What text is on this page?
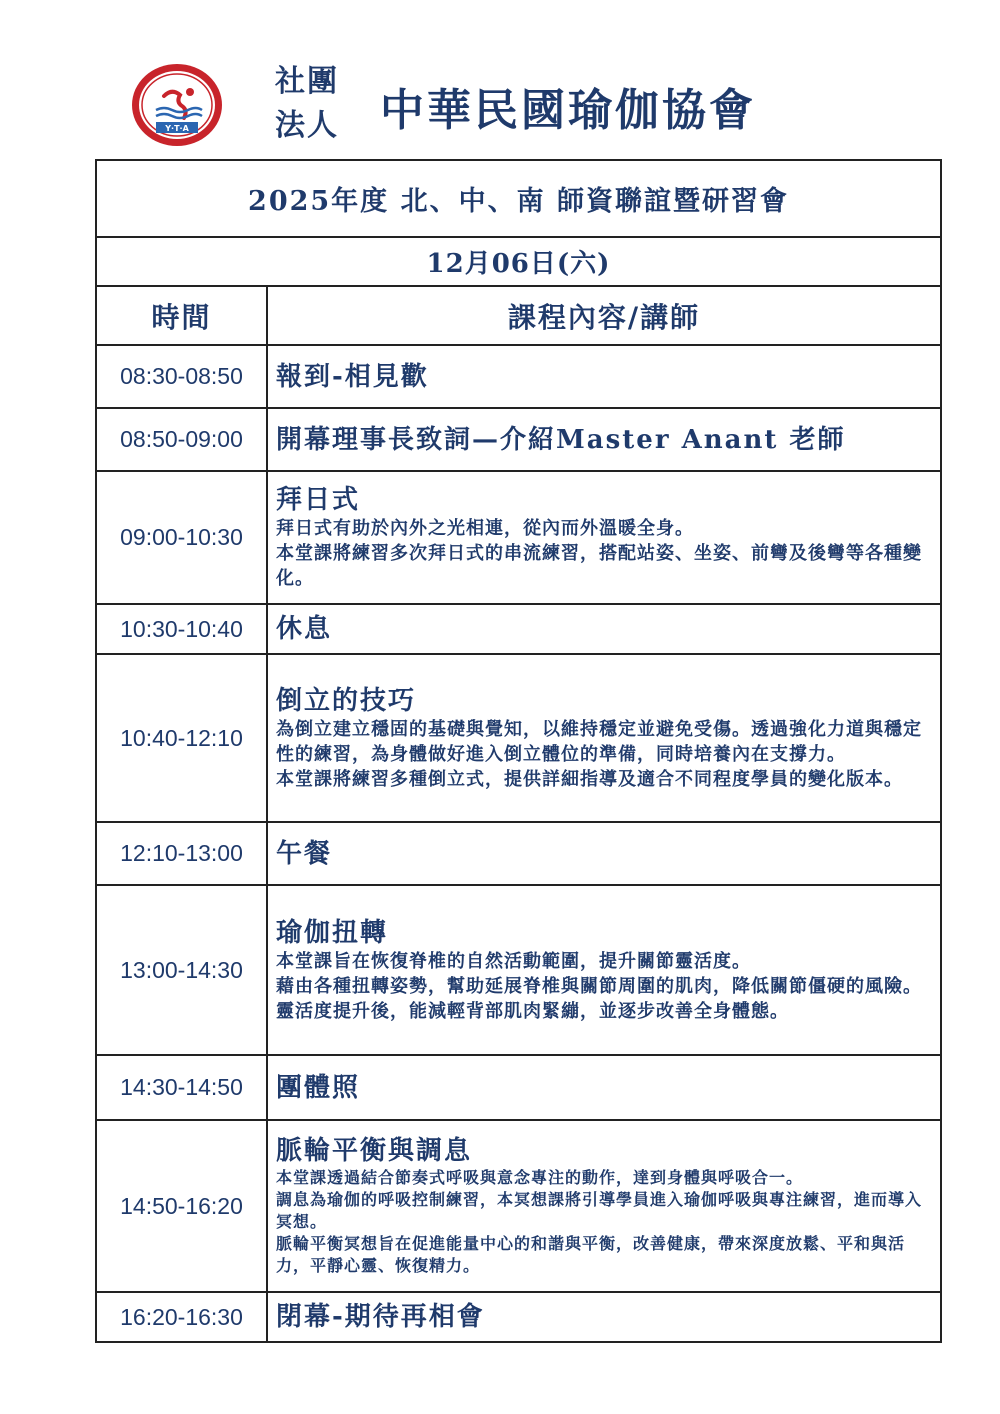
Y·T·A
社團
法人 中華民國瑜伽協會
2025年度 北、中、南 師資聯誼暨研習會	
12月06日(六)	
時間	課程內容/講師
08:30-08:50	報到-相見歡

08:50-09:00	開幕理事長致詞—介紹Master Anant 老師

09:00-10:30	拜日式
拜日式有助於內外之光相連，從內而外溫暖全身。
本堂課將練習多次拜日式的串流練習，搭配站姿、坐姿、前彎及後彎等各種變化。

10:30-10:40	休息

10:40-12:10	倒立的技巧
為倒立建立穩固的基礎與覺知，以維持穩定並避免受傷。透過強化力道與穩定性的練習，為身體做好進入倒立體位的準備，同時培養內在支撐力。
本堂課將練習多種倒立式，提供詳細指導及適合不同程度學員的變化版本。

12:10-13:00	午餐

13:00-14:30	瑜伽扭轉
本堂課旨在恢復脊椎的自然活動範圍，提升關節靈活度。
藉由各種扭轉姿勢，幫助延展脊椎與關節周圍的肌肉，降低關節僵硬的風險。
靈活度提升後，能減輕背部肌肉緊繃，並逐步改善全身體態。

14:30-14:50	團體照

14:50-16:20	脈輪平衡與調息
本堂課透過結合節奏式呼吸與意念專注的動作，達到身體與呼吸合一。
調息為瑜伽的呼吸控制練習，本冥想課將引導學員進入瑜伽呼吸與專注練習，進而導入冥想。
脈輪平衡冥想旨在促進能量中心的和諧與平衡，改善健康，帶來深度放鬆、平和與活力，平靜心靈、恢復精力。

16:20-16:30	閉幕-期待再相會
